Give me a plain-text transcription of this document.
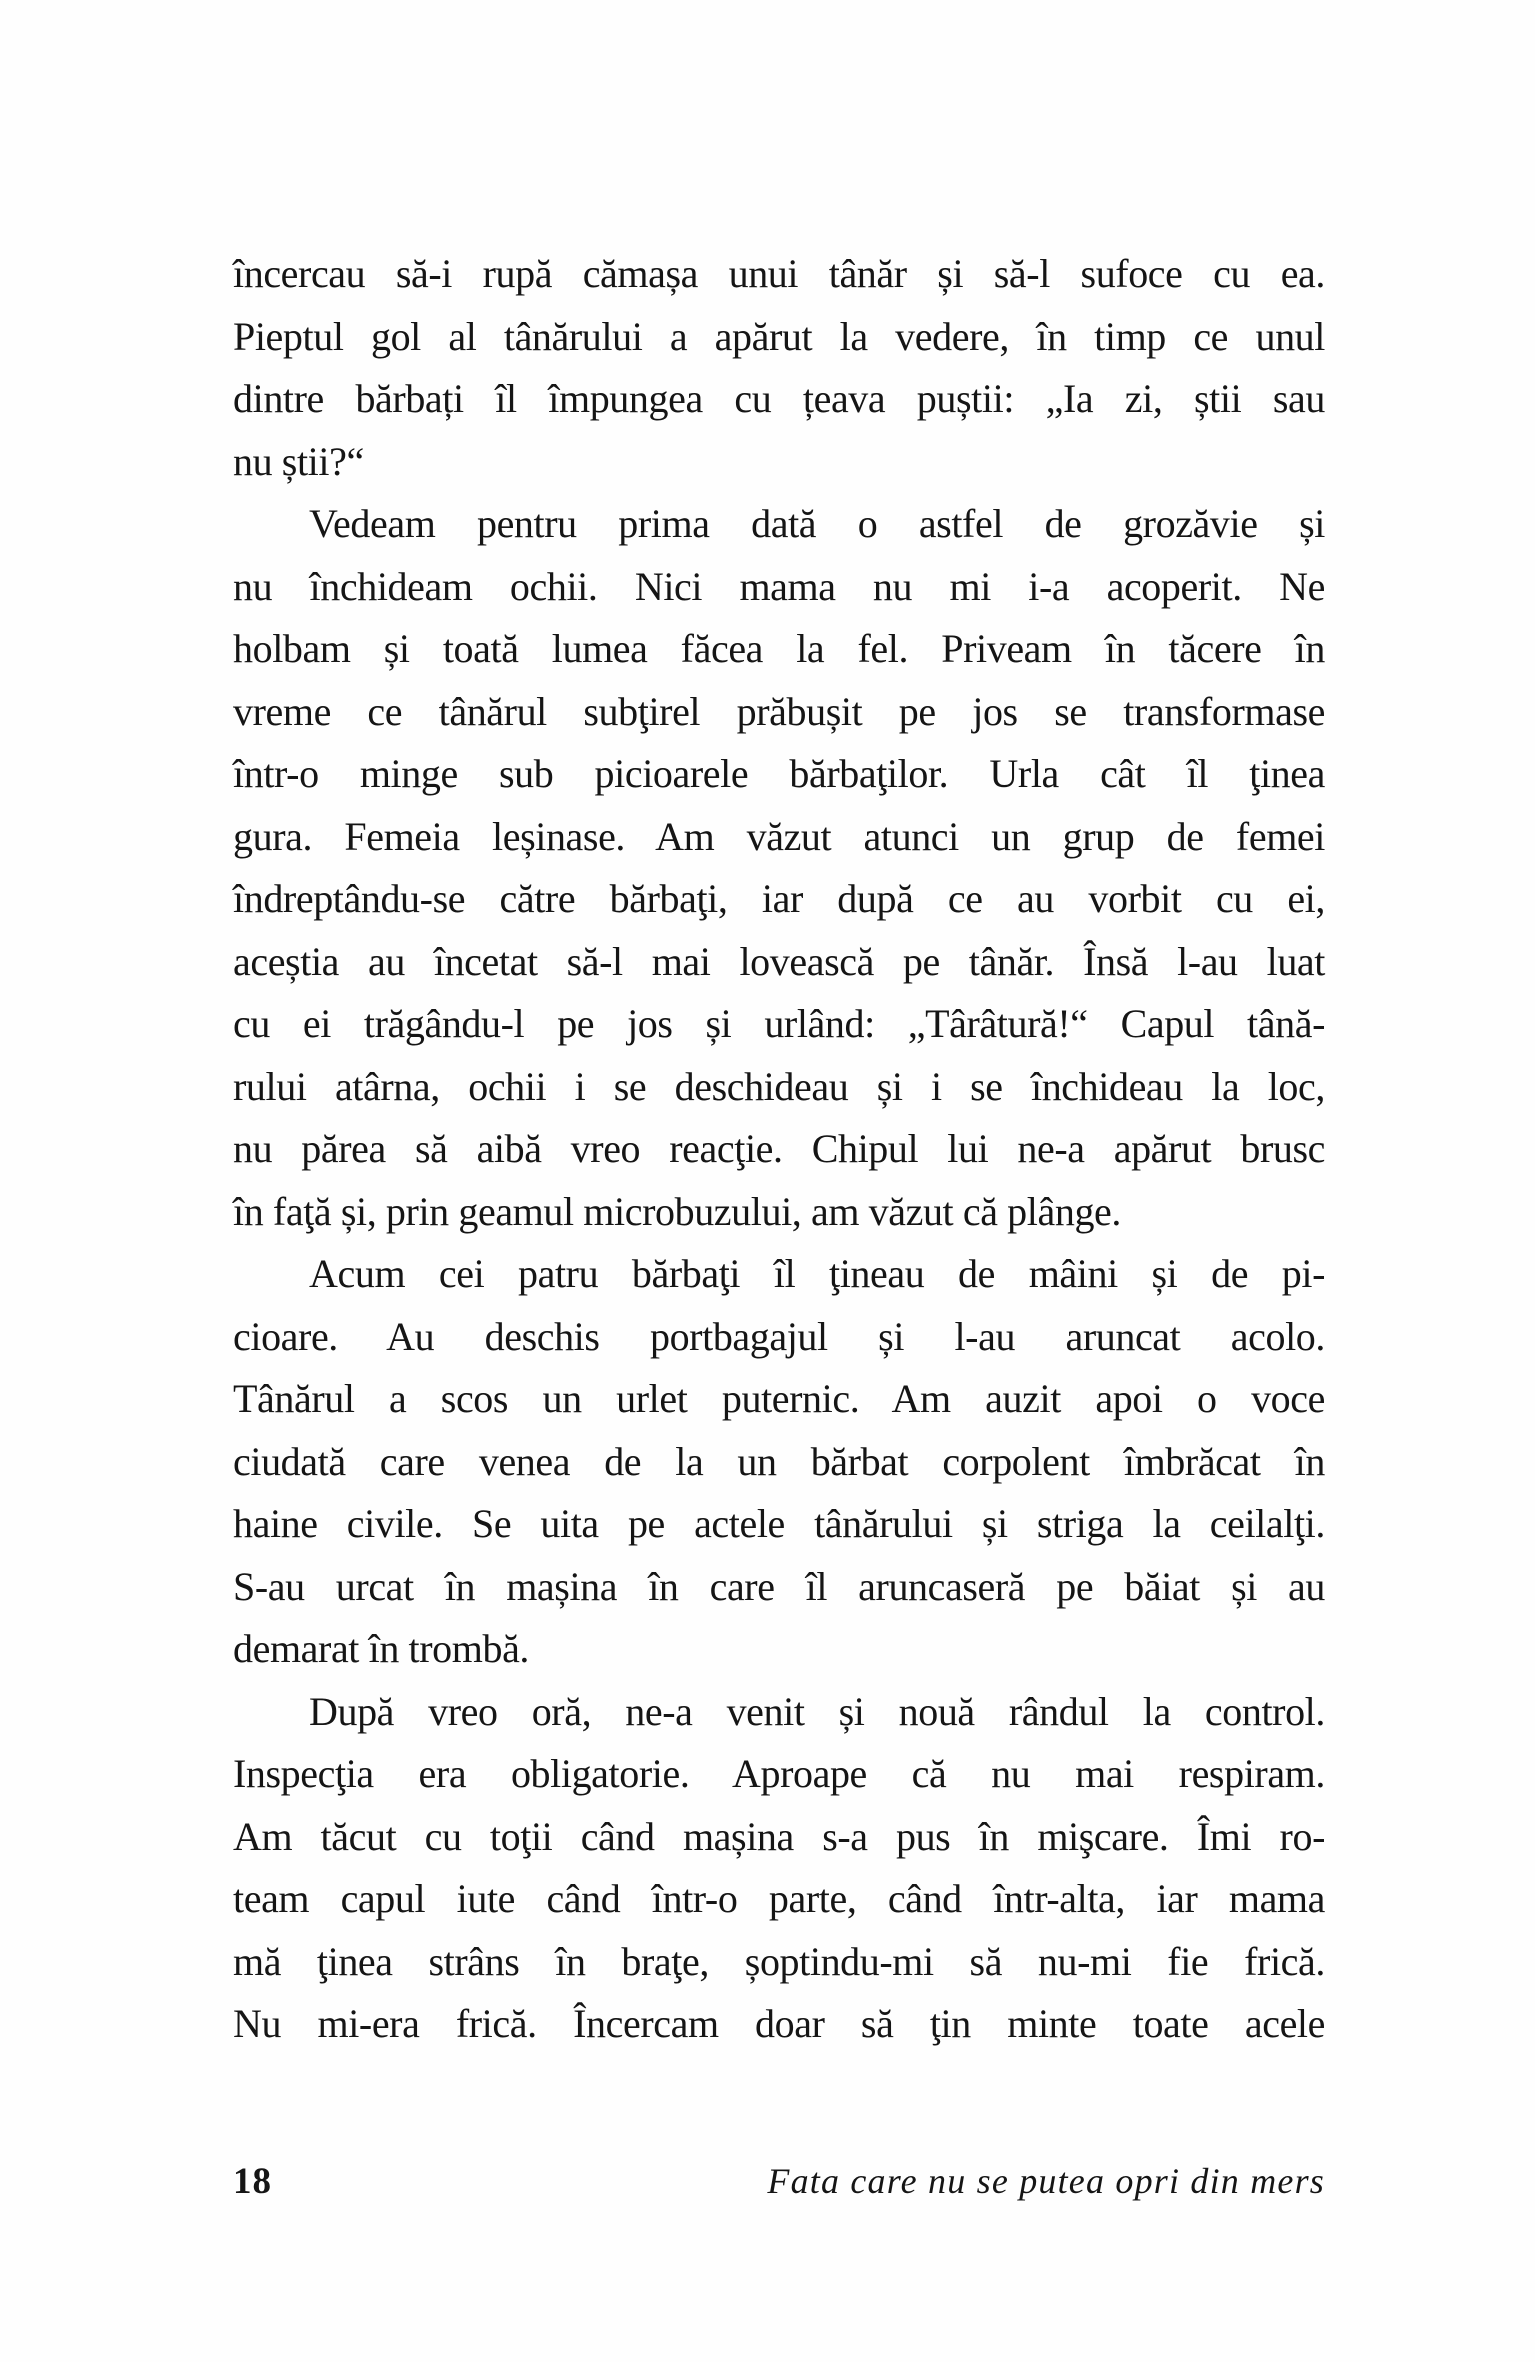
încercau să-i rupă cămașa unui tânăr și să-l sufoce cu ea.
Pieptul gol al tânărului a apărut la vedere, în timp ce unul
dintre bărbați îl împungea cu țeava puștii: „Ia zi, știi sau
nu știi?“
Vedeam pentru prima dată o astfel de grozăvie și
nu închideam ochii. Nici mama nu mi i-a acoperit. Ne
holbam și toată lumea făcea la fel. Priveam în tăcere în
vreme ce tânărul subţirel prăbușit pe jos se transformase
într-o minge sub picioarele bărbaţilor. Urla cât îl ţinea
gura. Femeia leșinase. Am văzut atunci un grup de femei
îndreptându-se către bărbaţi, iar după ce au vorbit cu ei,
aceștia au încetat să-l mai lovească pe tânăr. Însă l-au luat
cu ei trăgându-l pe jos și urlând: „Târâtură!“ Capul tână-
rului atârna, ochii i se deschideau și i se închideau la loc,
nu părea să aibă vreo reacţie. Chipul lui ne-a apărut brusc
în faţă și, prin geamul microbuzului, am văzut că plânge.
Acum cei patru bărbaţi îl ţineau de mâini și de pi-
cioare. Au deschis portbagajul și l-au aruncat acolo.
Tânărul a scos un urlet puternic. Am auzit apoi o voce
ciudată care venea de la un bărbat corpolent îmbrăcat în
haine civile. Se uita pe actele tânărului și striga la ceilalţi.
S-au urcat în mașina în care îl aruncaseră pe băiat și au
demarat în trombă.
După vreo oră, ne-a venit și nouă rândul la control.
Inspecţia era obligatorie. Aproape că nu mai respiram.
Am tăcut cu toţii când mașina s-a pus în mişcare. Îmi ro-
team capul iute când într-o parte, când într-alta, iar mama
mă ţinea strâns în braţe, șoptindu-mi să nu-mi fie frică.
Nu mi-era frică. Încercam doar să ţin minte toate acele
18	Fata care nu se putea opri din mers
